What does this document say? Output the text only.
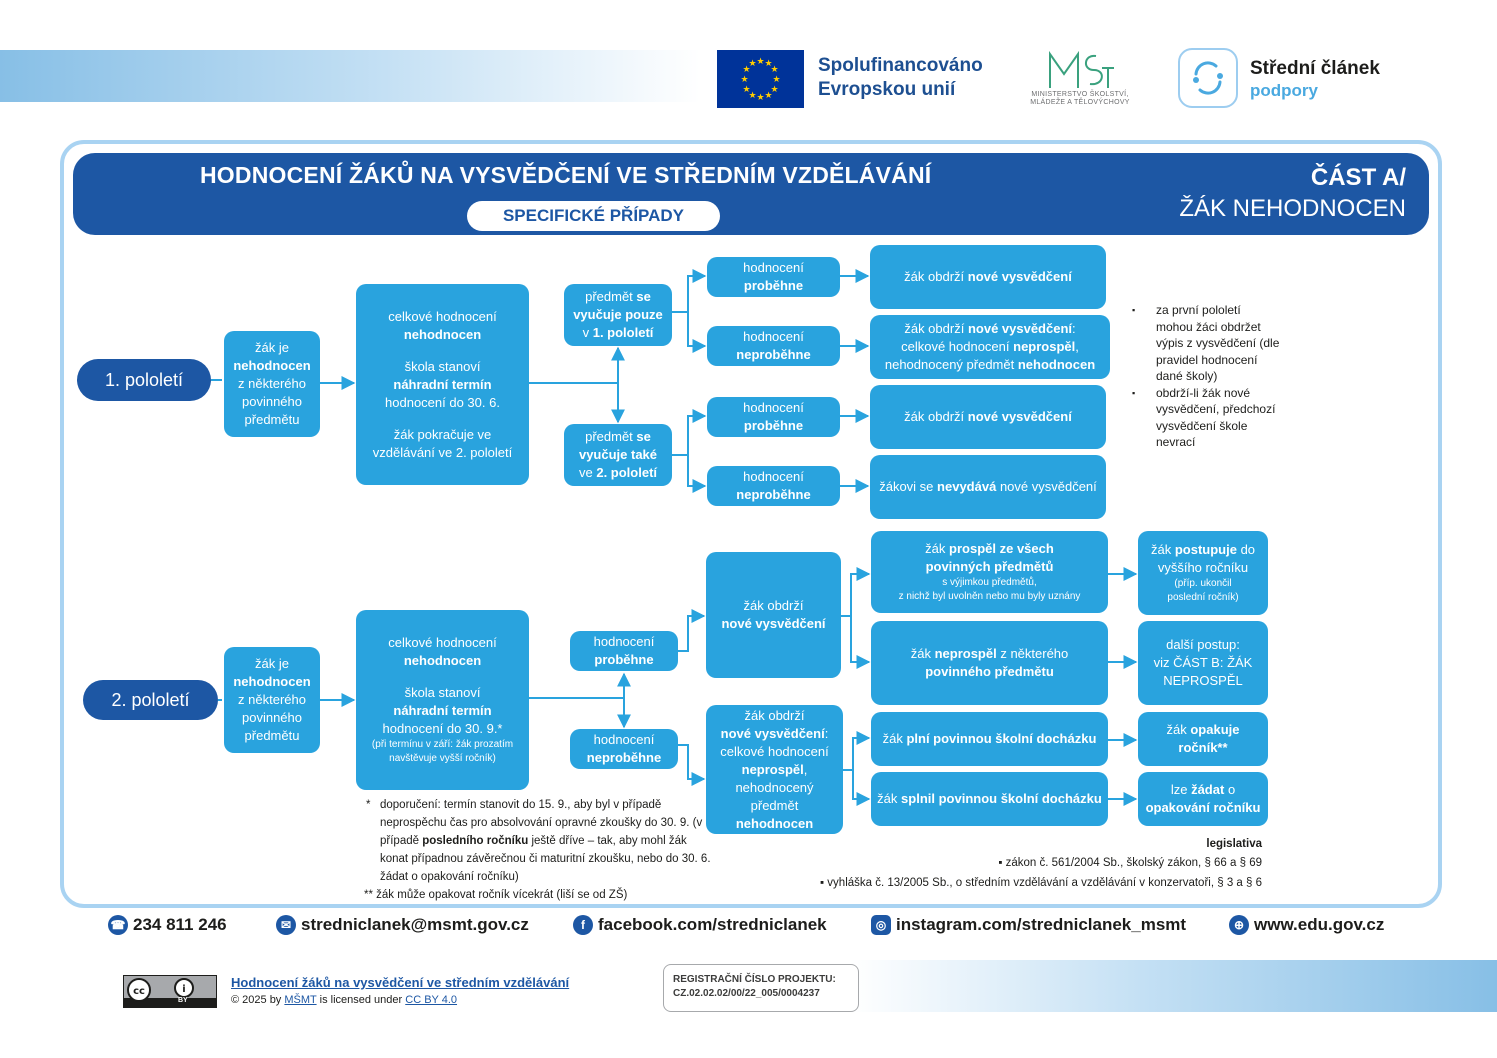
★ ★
★
★
★
★
★
★
★
★
★
★	Spolufinancováno
Evropskou unií	MINISTERSTVO ŠKOLSTVÍ, MLÁDEŽE A TĚLOVÝCHOVY
Střední článek
podpory
HODNOCENÍ ŽÁKŮ NA VYSVĚDČENÍ VE STŘEDNÍM VZDĚLÁVÁNÍ
SPECIFICKÉ PŘÍPADY
ČÁST A/
ŽÁK NEHODNOCEN
1. pololetí
žák je
nehodnocen
z některého
povinného
předmětu
celkové hodnocení
nehodnocen
škola stanoví
náhradní termín
hodnocení do 30. 6.
žák pokračuje ve
vzdělávání ve 2. pololetí
předmět se
vyučuje pouze
v 1. pololetí
předmět se
vyučuje také
ve 2. pololetí
hodnocení
proběhne
hodnocení
neproběhne
hodnocení
proběhne
hodnocení
neproběhne
žák obdrží nové vysvědčení
žák obdrží nové vysvědčení:
celkové hodnocení neprospěl,
nehodnocený předmět nehodnocen
žák obdrží nové vysvědčení
žákovi se nevydává nové vysvědčení
▪ za první pololetí mohou žáci obdržet výpis z vysvědčení (dle pravidel hodnocení dané školy)
▪ obdrží-li žák nové vysvědčení, předchozí vysvědčení škole nevrací
2. pololetí
žák je
nehodnocen
z některého
povinného
předmětu
celkové hodnocení
nehodnocen
škola stanoví
náhradní termín
hodnocení do 30. 9.*
(při termínu v září: žák prozatím
navštěvuje vyšší ročník)
hodnocení
proběhne
hodnocení
neproběhne
žák obdrží
nové vysvědčení
žák obdrží
nové vysvědčení:
celkové hodnocení
neprospěl,
nehodnocený
předmět
nehodnocen
žák prospěl ze všech
povinných předmětů
s výjimkou předmětů,
z nichž byl uvolněn nebo mu byly uznány
žák neprospěl z některého
povinného předmětu
žák plní povinnou školní docházku
žák splnil povinnou školní docházku
žák postupuje do
vyššího ročníku
(příp. ukončil
poslední ročník)
další postup:
viz ČÁST B: ŽÁK
NEPROSPĚL
žák opakuje
ročník**
lze žádat o
opakování ročníku
* doporučení: termín stanovit do 15. 9., aby byl v případě neprospěchu čas pro absolvování opravné zkoušky do 30. 9. (v případě posledního ročníku ještě dříve – tak, aby mohl žák konat případnou závěrečnou či maturitní zkoušku, nebo do 30. 6. žádat o opakování ročníku)
** žák může opakovat ročník vícekrát (liší se od ZŠ)
legislativa
▪ zákon č. 561/2004 Sb., školský zákon, § 66 a § 69
▪ vyhláška č. 13/2005 Sb., o středním vzdělávání a vzdělávání v konzervatoři, § 3 a § 6
☎ 234 811 246	✉ stredniclanek@msmt.gov.cz	f facebook.com/stredniclanek	◎ instagram.com/stredniclanek_msmt	⊕ www.edu.gov.cz
cc	i
BY
Hodnocení žáků na vysvědčení ve středním vzdělávání
© 2025 by MŠMT is licensed under CC BY 4.0
REGISTRAČNÍ ČÍSLO PROJEKTU:
CZ.02.02.02/00/22_005/0004237
